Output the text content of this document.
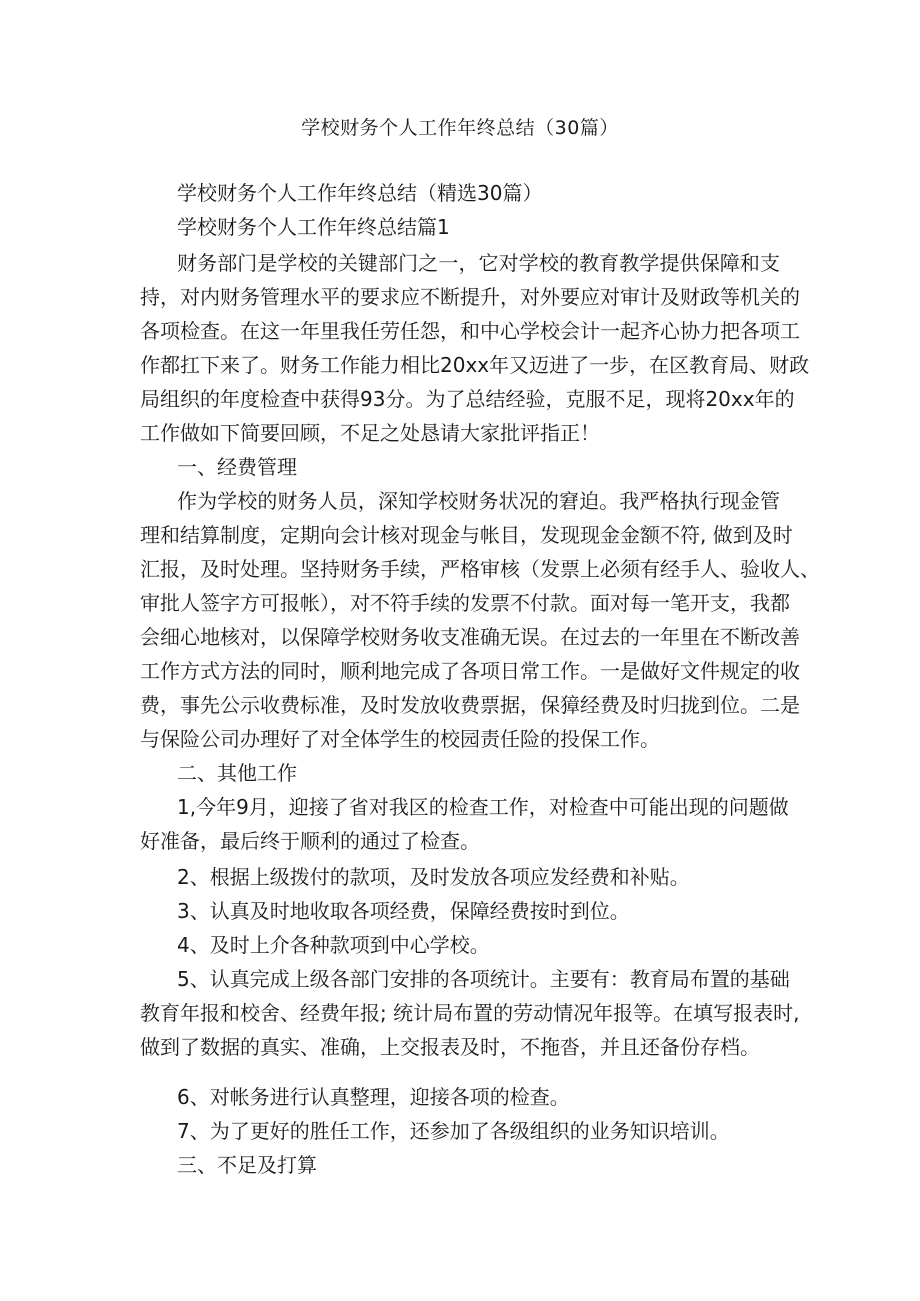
学校财务个人工作年终总结（30篇）
学校财务个人工作年终总结（精选30篇）
学校财务个人工作年终总结篇1
财务部门是学校的关键部门之一，它对学校的教育教学提供保障和支
持，对内财务管理水平的要求应不断提升，对外要应对审计及财政等机关的
各项检查。在这一年里我任劳任怨，和中心学校会计一起齐心协力把各项工
作都扛下来了。财务工作能力相比20xx年又迈进了一步，在区教育局、财政
局组织的年度检查中获得93分。为了总结经验，克服不足，现将20xx年的
工作做如下简要回顾，不足之处恳请大家批评指正！
一、经费管理
作为学校的财务人员，深知学校财务状况的窘迫。我严格执行现金管
理和结算制度，定期向会计核对现金与帐目，发现现金金额不符, 做到及时
汇报，及时处理。坚持财务手续，严格审核（发票上必须有经手人、验收人、
审批人签字方可报帐），对不符手续的发票不付款。面对每一笔开支，我都
会细心地核对，以保障学校财务收支准确无误。在过去的一年里在不断改善
工作方式方法的同时，顺利地完成了各项日常工作。一是做好文件规定的收
费，事先公示收费标准，及时发放收费票据，保獐经费及时归拢到位。二是
与保险公司办理好了对全体学生的校园责任险的投保工作。
二、其他工作
1,今年9月，迎接了省对我区的检查工作，对检查中可能出现的问题做
好准备，最后终于顺利的通过了检查。
2、根据上级拨付的款项，及时发放各项应发经费和补贴。
3、认真及时地收取各项经费，保障经费按时到位。
4、及时上介各种款项到中心学校。
5、认真完成上级各部门安排的各项统计。主要有：教育局布置的基础
教育年报和校舍、经费年报; 统计局布置的劳动情况年报等。在填写报表时,
做到了数据的真实、准确，上交报表及时，不拖沓，并且还备份存档。
6、对帐务进行认真整理，迎接各项的检查。
7、为了更好的胜任工作，还参加了各级组织的业务知识培训。
三、不足及打算
